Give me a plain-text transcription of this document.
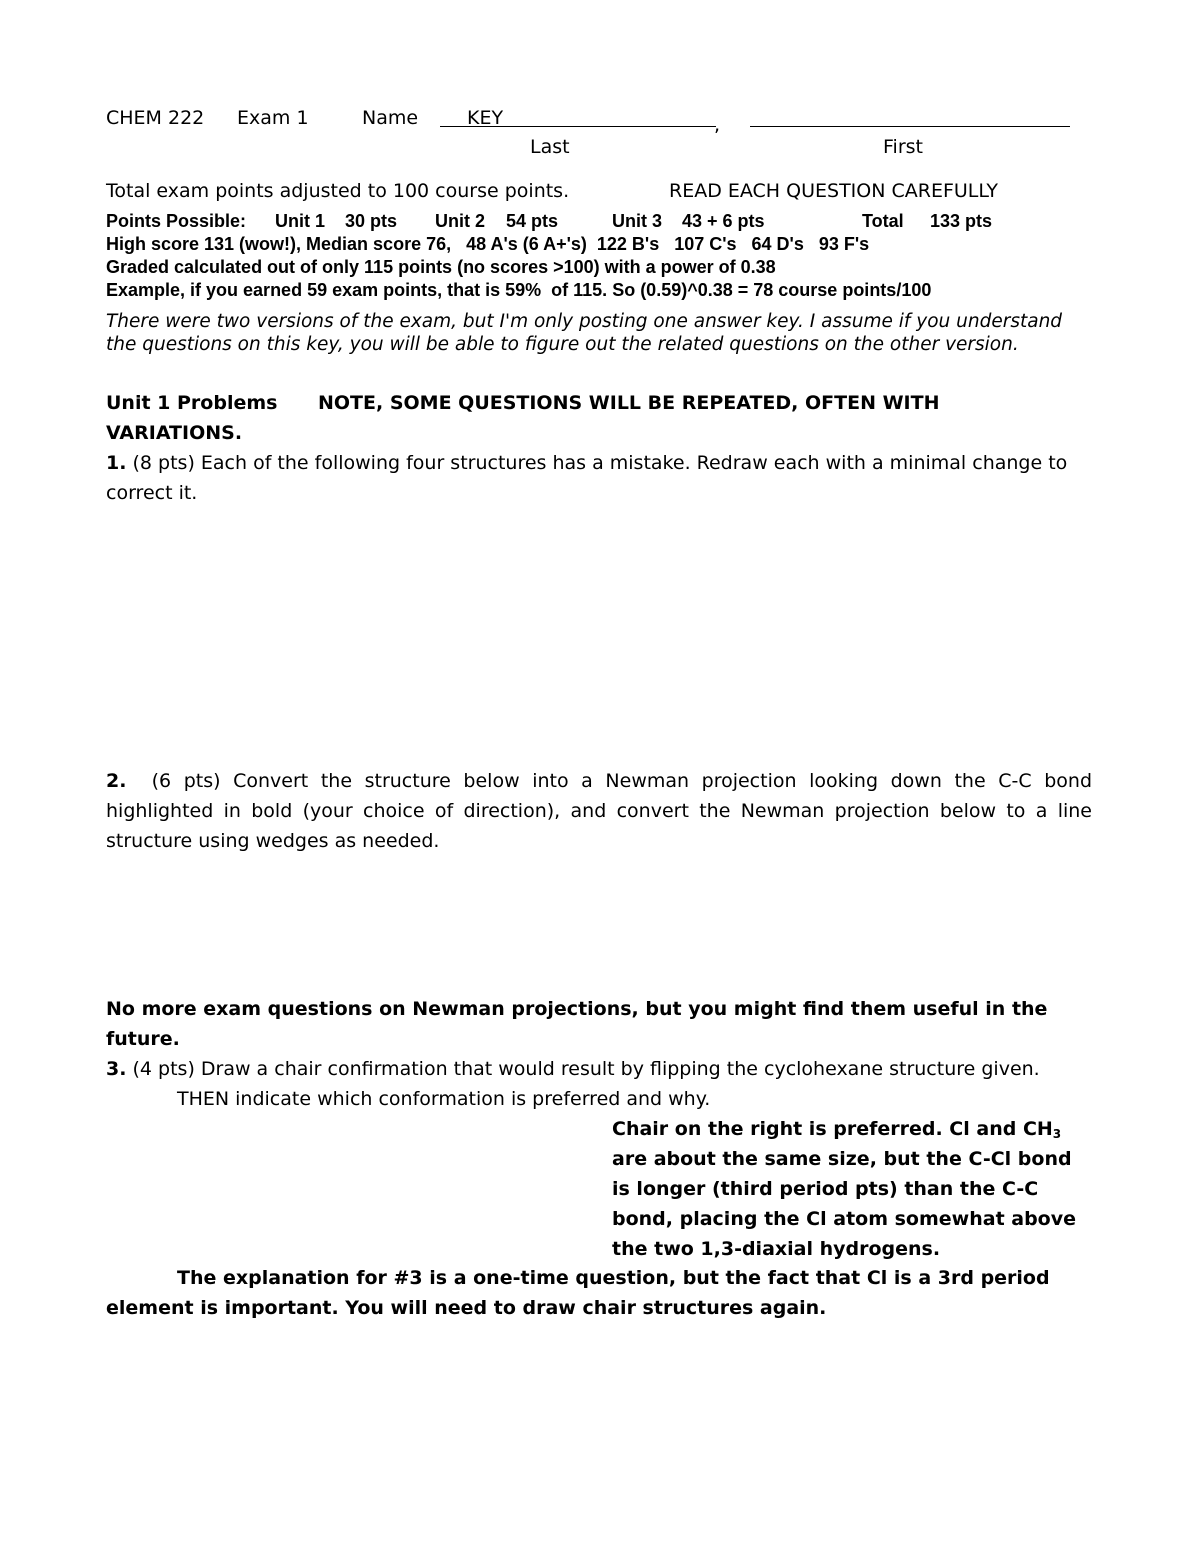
CHEM 222 Exam 1	Name	KEY	,
Last	First
Total exam points adjusted to 100 course points.	READ EACH QUESTION CAREFULLY
Points Possible: Unit 1 30 pts Unit 2 54 pts	Unit 3 43 + 6 pts	Total 133 pts
High score 131 (wow!), Median score 76,   48 A's (6 A+'s)  122 B's   107 C's   64 D's   93 F's
Graded calculated out of only 115 points (no scores >100) with a power of 0.38
Example, if you earned 59 exam points, that is 59%  of 115. So (0.59)^0.38 = 78 course points/100
There were two versions of the exam, but I'm only posting one answer key. I assume if you understand the questions on this key, you will be able to figure out the related questions on the other version.
Unit 1 Problems NOTE, SOME QUESTIONS WILL BE REPEATED, OFTEN WITH
VARIATIONS.
1. (8 pts) Each of the following four structures has a mistake. Redraw each with a minimal change to correct it.
2.  (6 pts) Convert the structure below into a Newman projection looking down the C-C bond highlighted in bold (your choice of direction), and convert the Newman projection below to a line structure using wedges as needed.
No more exam questions on Newman projections, but you might find them useful in the future.
3. (4 pts) Draw a chair confirmation that would result by flipping the cyclohexane structure given.
THEN indicate which conformation is preferred and why.
Chair on the right is preferred. Cl and $CH_3$
are about the same size, but the C-Cl bond
is longer (third period pts) than the C-C
bond, placing the Cl atom somewhat above
the two 1,3-diaxial hydrogens.
The explanation for #3 is a one-time question, but the fact that Cl is a 3rd period
element is important. You will need to draw chair structures again.
